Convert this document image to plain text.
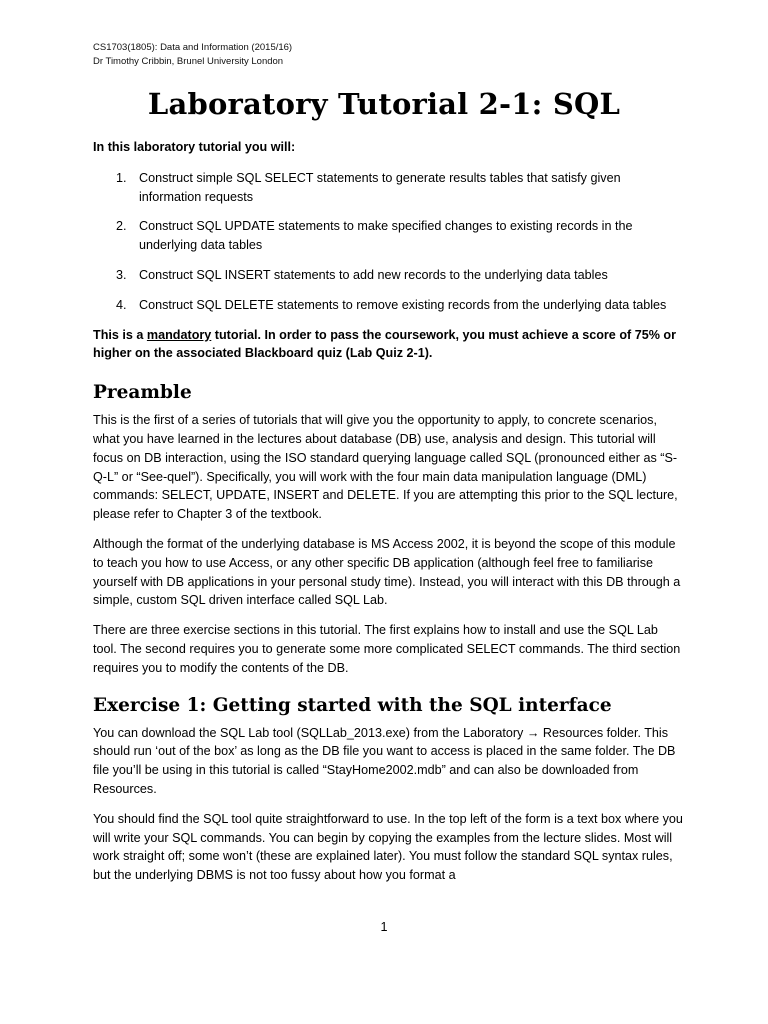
CS1703(1805): Data and Information (2015/16)
Dr Timothy Cribbin, Brunel University London
Laboratory Tutorial 2-1: SQL

In this laboratory tutorial you will:

1. Construct simple SQL SELECT statements to generate results tables that satisfy given information requests
2. Construct SQL UPDATE statements to make specified changes to existing records in the underlying data tables
3. Construct SQL INSERT statements to add new records to the underlying data tables
4. Construct SQL DELETE statements to remove existing records from the underlying data tables

This is a mandatory tutorial. In order to pass the coursework, you must achieve a score of 75% or higher on the associated Blackboard quiz (Lab Quiz 2-1).

Preamble

This is the first of a series of tutorials that will give you the opportunity to apply, to concrete scenarios, what you have learned in the lectures about database (DB) use, analysis and design. This tutorial will focus on DB interaction, using the ISO standard querying language called SQL (pronounced either as “S-Q-L” or “See-quel”). Specifically, you will work with the four main data manipulation language (DML) commands: SELECT, UPDATE, INSERT and DELETE. If you are attempting this prior to the SQL lecture, please refer to Chapter 3 of the textbook.

Although the format of the underlying database is MS Access 2002, it is beyond the scope of this module to teach you how to use Access, or any other specific DB application (although feel free to familiarise yourself with DB applications in your personal study time). Instead, you will interact with this DB through a simple, custom SQL driven interface called SQL Lab.

There are three exercise sections in this tutorial. The first explains how to install and use the SQL Lab tool. The second requires you to generate some more complicated SELECT commands. The third section requires you to modify the contents of the DB.

Exercise 1: Getting started with the SQL interface

You can download the SQL Lab tool (SQLLab_2013.exe) from the Laboratory → Resources folder. This should run ‘out of the box’ as long as the DB file you want to access is placed in the same folder. The DB file you’ll be using in this tutorial is called “StayHome2002.mdb” and can also be downloaded from Resources.

You should find the SQL tool quite straightforward to use. In the top left of the form is a text box where you will write your SQL commands. You can begin by copying the examples from the lecture slides. Most will work straight off; some won’t (these are explained later). You must follow the standard SQL syntax rules, but the underlying DBMS is not too fussy about how you format a

1
